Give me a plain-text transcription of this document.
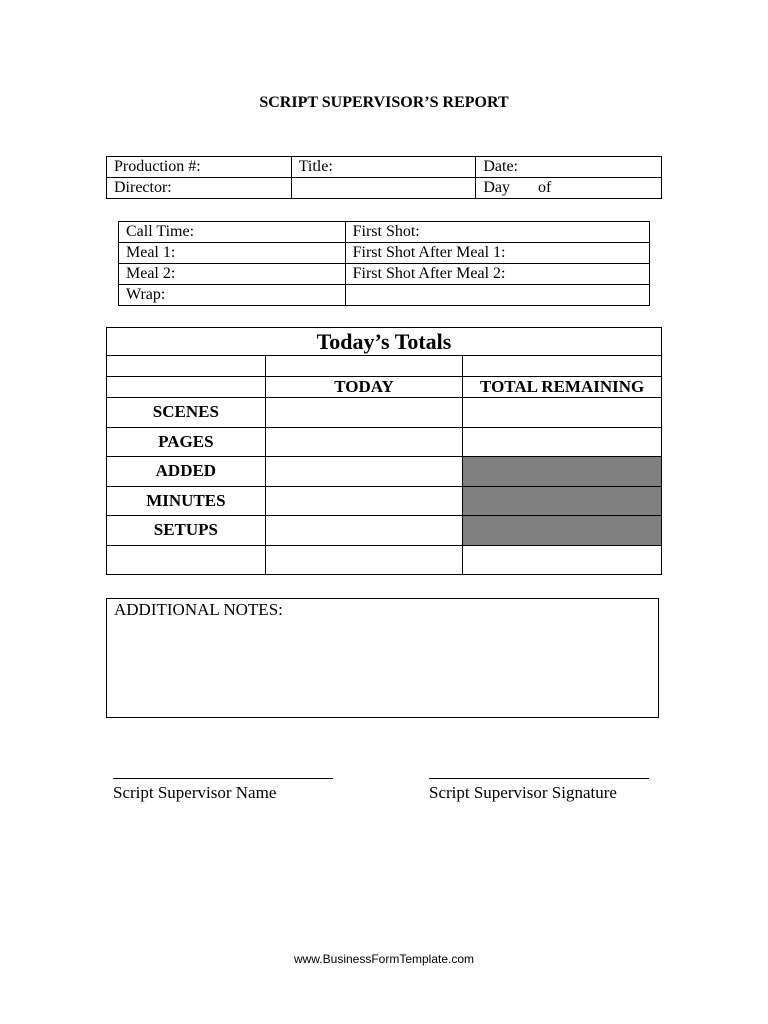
SCRIPT SUPERVISOR’S REPORT
Production #:	Title:	Date:
Director:		Day of
Call Time:	First Shot:
Meal 1:	First Shot After Meal 1:
Meal 2:	First Shot After Meal 2:
Wrap:	
Today’s Totals		

	TODAY	TOTAL REMAINING
SCENES		
PAGES		
ADDED		
MINUTES		
SETUPS		

ADDITIONAL NOTES:
Script Supervisor Name	Script Supervisor Signature
www.BusinessFormTemplate.com
